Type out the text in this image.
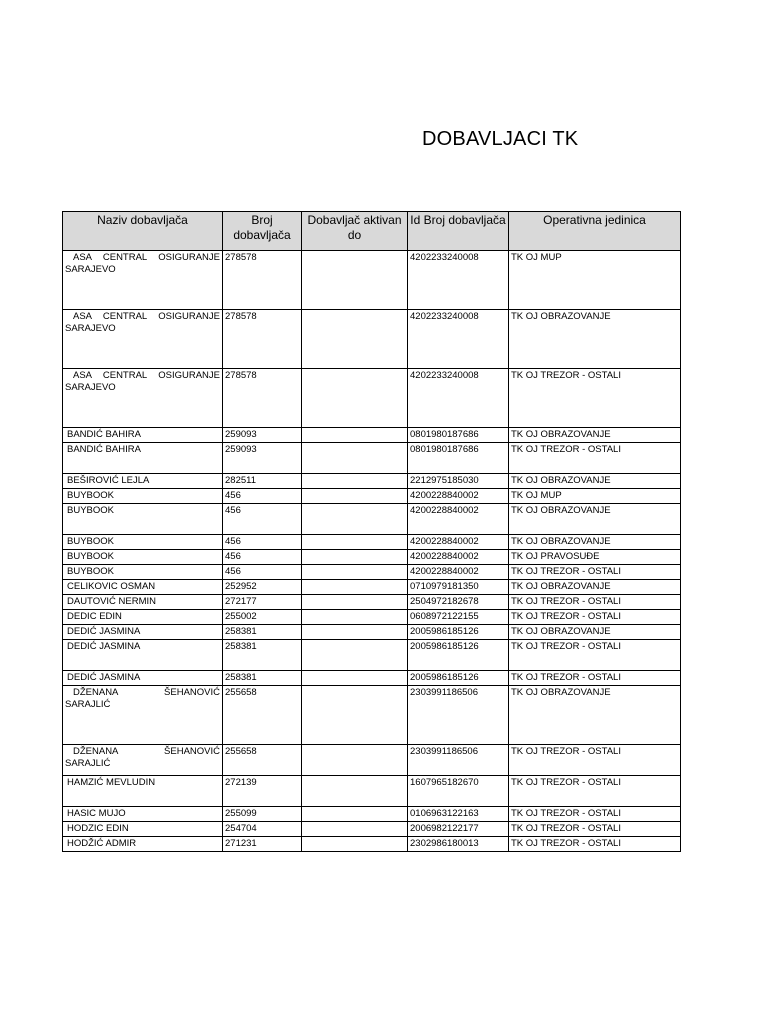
DOBAVLJACI TK
Naziv dobavljača	Broj dobavljača	Dobavljač aktivan do	Id Broj dobavljača	Operativna jedinica
ASA CENTRAL OSIGURANJE SARAJEVO	278578		4202233240008	TK OJ MUP
ASA CENTRAL OSIGURANJE SARAJEVO	278578		4202233240008	TK OJ OBRAZOVANJE
ASA CENTRAL OSIGURANJE SARAJEVO	278578		4202233240008	TK OJ TREZOR - OSTALI
BANDIĆ BAHIRA	259093		0801980187686	TK OJ OBRAZOVANJE
BANDIĆ BAHIRA	259093		0801980187686	TK OJ TREZOR - OSTALI
BEŠIROVIĆ LEJLA	282511		2212975185030	TK OJ OBRAZOVANJE
BUYBOOK	456		4200228840002	TK OJ MUP
BUYBOOK	456		4200228840002	TK OJ OBRAZOVANJE
BUYBOOK	456		4200228840002	TK OJ OBRAZOVANJE
BUYBOOK	456		4200228840002	TK OJ PRAVOSUĐE
BUYBOOK	456		4200228840002	TK OJ TREZOR - OSTALI
CELIKOVIC OSMAN	252952		0710979181350	TK OJ OBRAZOVANJE
DAUTOVIĆ NERMIN	272177		2504972182678	TK OJ TREZOR - OSTALI
DEDIC EDIN	255002		0608972122155	TK OJ TREZOR - OSTALI
DEDIĆ JASMINA	258381		2005986185126	TK OJ OBRAZOVANJE
DEDIĆ JASMINA	258381		2005986185126	TK OJ TREZOR - OSTALI
DEDIĆ JASMINA	258381		2005986185126	TK OJ TREZOR - OSTALI
DŽENANA ŠEHANOVIĆ SARAJLIĆ	255658		2303991186506	TK OJ OBRAZOVANJE
DŽENANA ŠEHANOVIĆ SARAJLIĆ	255658		2303991186506	TK OJ TREZOR - OSTALI
HAMZIĆ MEVLUDIN	272139		1607965182670	TK OJ TREZOR - OSTALI
HASIC MUJO	255099		0106963122163	TK OJ TREZOR - OSTALI
HODZIC EDIN	254704		2006982122177	TK OJ TREZOR - OSTALI
HODŽIĆ ADMIR	271231		2302986180013	TK OJ TREZOR - OSTALI
